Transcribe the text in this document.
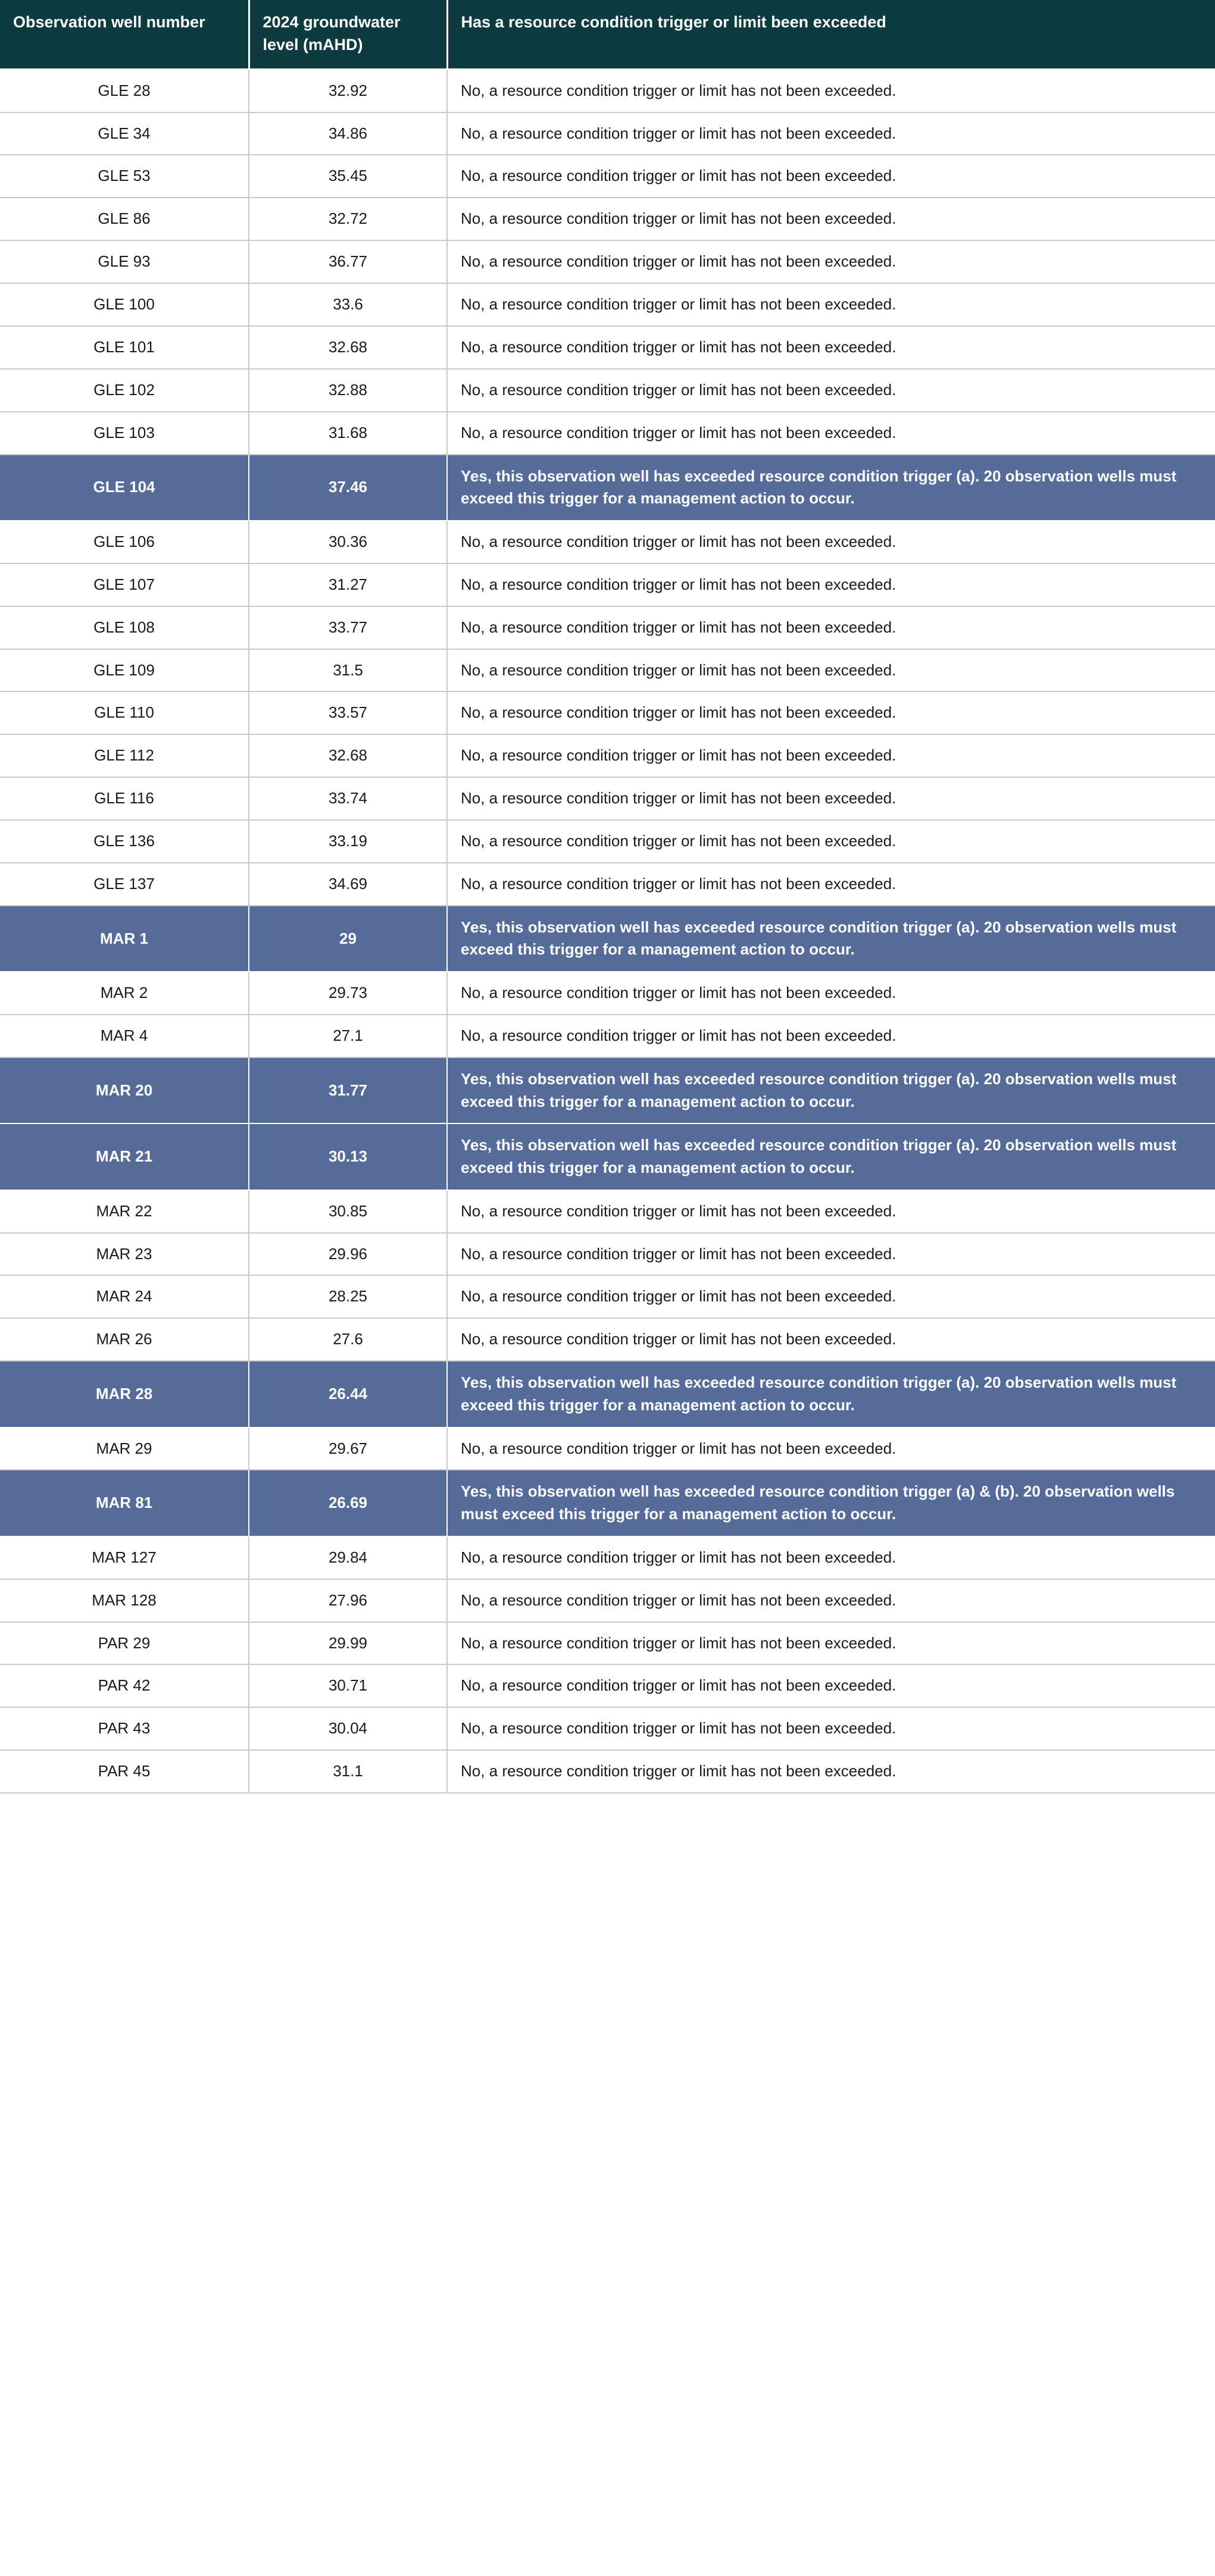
Observation well number	2024 groundwater level (mAHD)	Has a resource condition trigger or limit been exceeded
GLE 28	32.92	No, a resource condition trigger or limit has not been exceeded.
GLE 34	34.86	No, a resource condition trigger or limit has not been exceeded.
GLE 53	35.45	No, a resource condition trigger or limit has not been exceeded.
GLE 86	32.72	No, a resource condition trigger or limit has not been exceeded.
GLE 93	36.77	No, a resource condition trigger or limit has not been exceeded.
GLE 100	33.6	No, a resource condition trigger or limit has not been exceeded.
GLE 101	32.68	No, a resource condition trigger or limit has not been exceeded.
GLE 102	32.88	No, a resource condition trigger or limit has not been exceeded.
GLE 103	31.68	No, a resource condition trigger or limit has not been exceeded.
GLE 104	37.46	Yes, this observation well has exceeded resource condition trigger (a). 20 observation wells must exceed this trigger for a management action to occur.
GLE 106	30.36	No, a resource condition trigger or limit has not been exceeded.
GLE 107	31.27	No, a resource condition trigger or limit has not been exceeded.
GLE 108	33.77	No, a resource condition trigger or limit has not been exceeded.
GLE 109	31.5	No, a resource condition trigger or limit has not been exceeded.
GLE 110	33.57	No, a resource condition trigger or limit has not been exceeded.
GLE 112	32.68	No, a resource condition trigger or limit has not been exceeded.
GLE 116	33.74	No, a resource condition trigger or limit has not been exceeded.
GLE 136	33.19	No, a resource condition trigger or limit has not been exceeded.
GLE 137	34.69	No, a resource condition trigger or limit has not been exceeded.
MAR 1	29	Yes, this observation well has exceeded resource condition trigger (a). 20 observation wells must exceed this trigger for a management action to occur.
MAR 2	29.73	No, a resource condition trigger or limit has not been exceeded.
MAR 4	27.1	No, a resource condition trigger or limit has not been exceeded.
MAR 20	31.77	Yes, this observation well has exceeded resource condition trigger (a). 20 observation wells must exceed this trigger for a management action to occur.
MAR 21	30.13	Yes, this observation well has exceeded resource condition trigger (a). 20 observation wells must exceed this trigger for a management action to occur.
MAR 22	30.85	No, a resource condition trigger or limit has not been exceeded.
MAR 23	29.96	No, a resource condition trigger or limit has not been exceeded.
MAR 24	28.25	No, a resource condition trigger or limit has not been exceeded.
MAR 26	27.6	No, a resource condition trigger or limit has not been exceeded.
MAR 28	26.44	Yes, this observation well has exceeded resource condition trigger (a). 20 observation wells must exceed this trigger for a management action to occur.
MAR 29	29.67	No, a resource condition trigger or limit has not been exceeded.
MAR 81	26.69	Yes, this observation well has exceeded resource condition trigger (a) & (b). 20 observation wells must exceed this trigger for a management action to occur.
MAR 127	29.84	No, a resource condition trigger or limit has not been exceeded.
MAR 128	27.96	No, a resource condition trigger or limit has not been exceeded.
PAR 29	29.99	No, a resource condition trigger or limit has not been exceeded.
PAR 42	30.71	No, a resource condition trigger or limit has not been exceeded.
PAR 43	30.04	No, a resource condition trigger or limit has not been exceeded.
PAR 45	31.1	No, a resource condition trigger or limit has not been exceeded.
